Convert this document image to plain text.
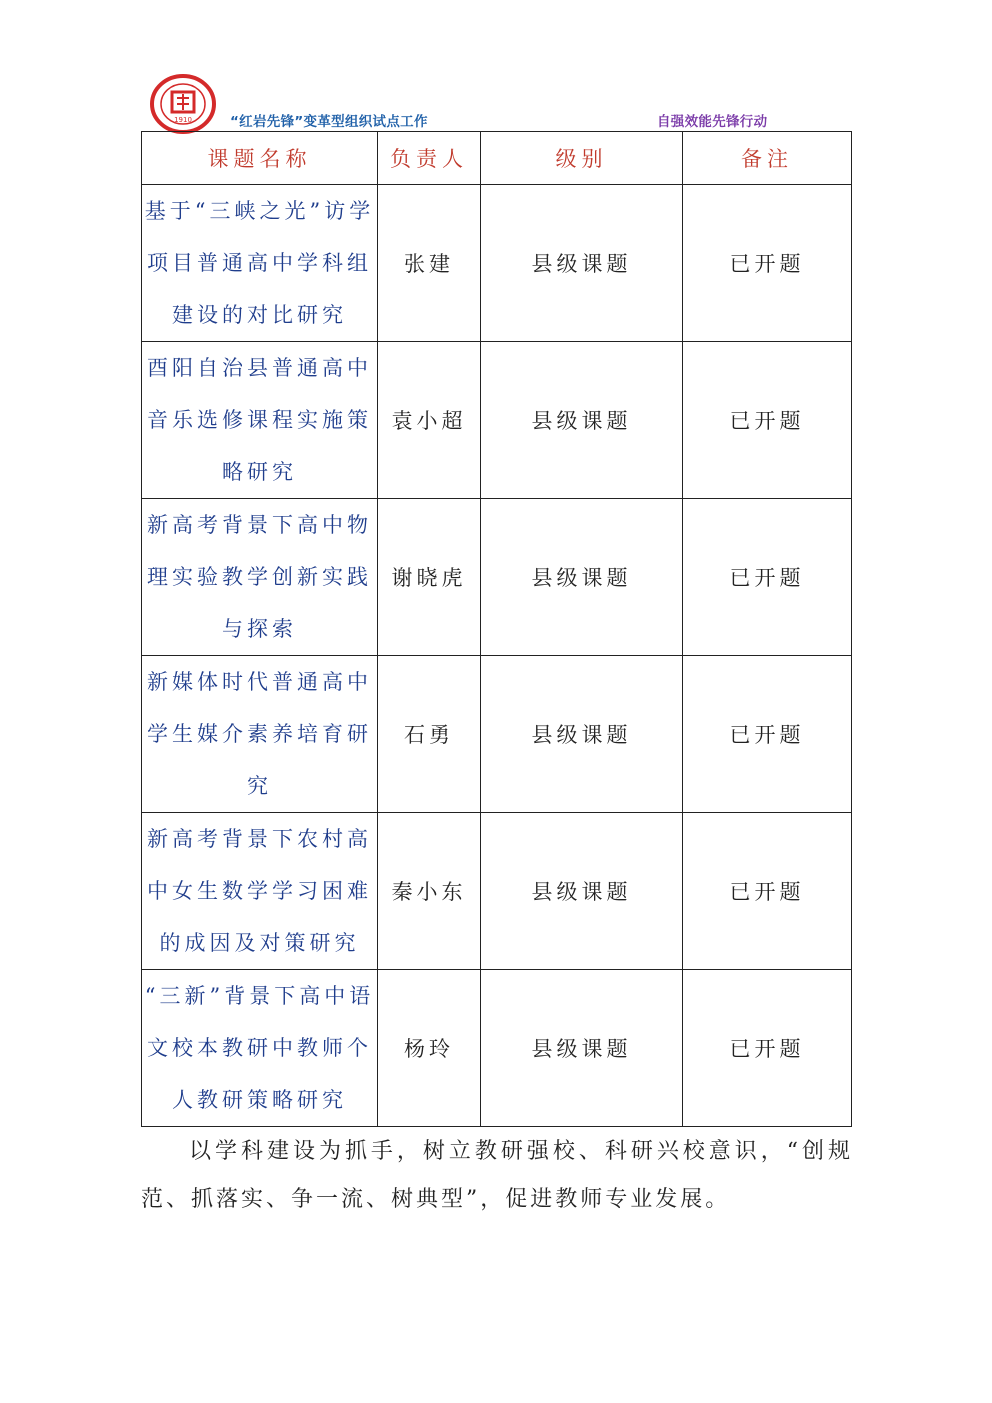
1910	“红岩先锋”变革型组织试点工作	自强效能先锋行动
课题名称	负责人	级别	备注
基于“三峡之光”访学项目普通高中学科组建设的对比研究	张建	县级课题	已开题
酉阳自治县普通高中音乐选修课程实施策略研究	袁小超	县级课题	已开题
新高考背景下高中物理实验教学创新实践与探索	谢晓虎	县级课题	已开题
新媒体时代普通高中学生媒介素养培育研究	石勇	县级课题	已开题
新高考背景下农村高中女生数学学习困难的成因及对策研究	秦小东	县级课题	已开题
“三新”背景下高中语文校本教研中教师个人教研策略研究	杨玲	县级课题	已开题
以学科建设为抓手，树立教研强校、科研兴校意识，“创规范、抓落实、争一流、树典型”，促进教师专业发展。
